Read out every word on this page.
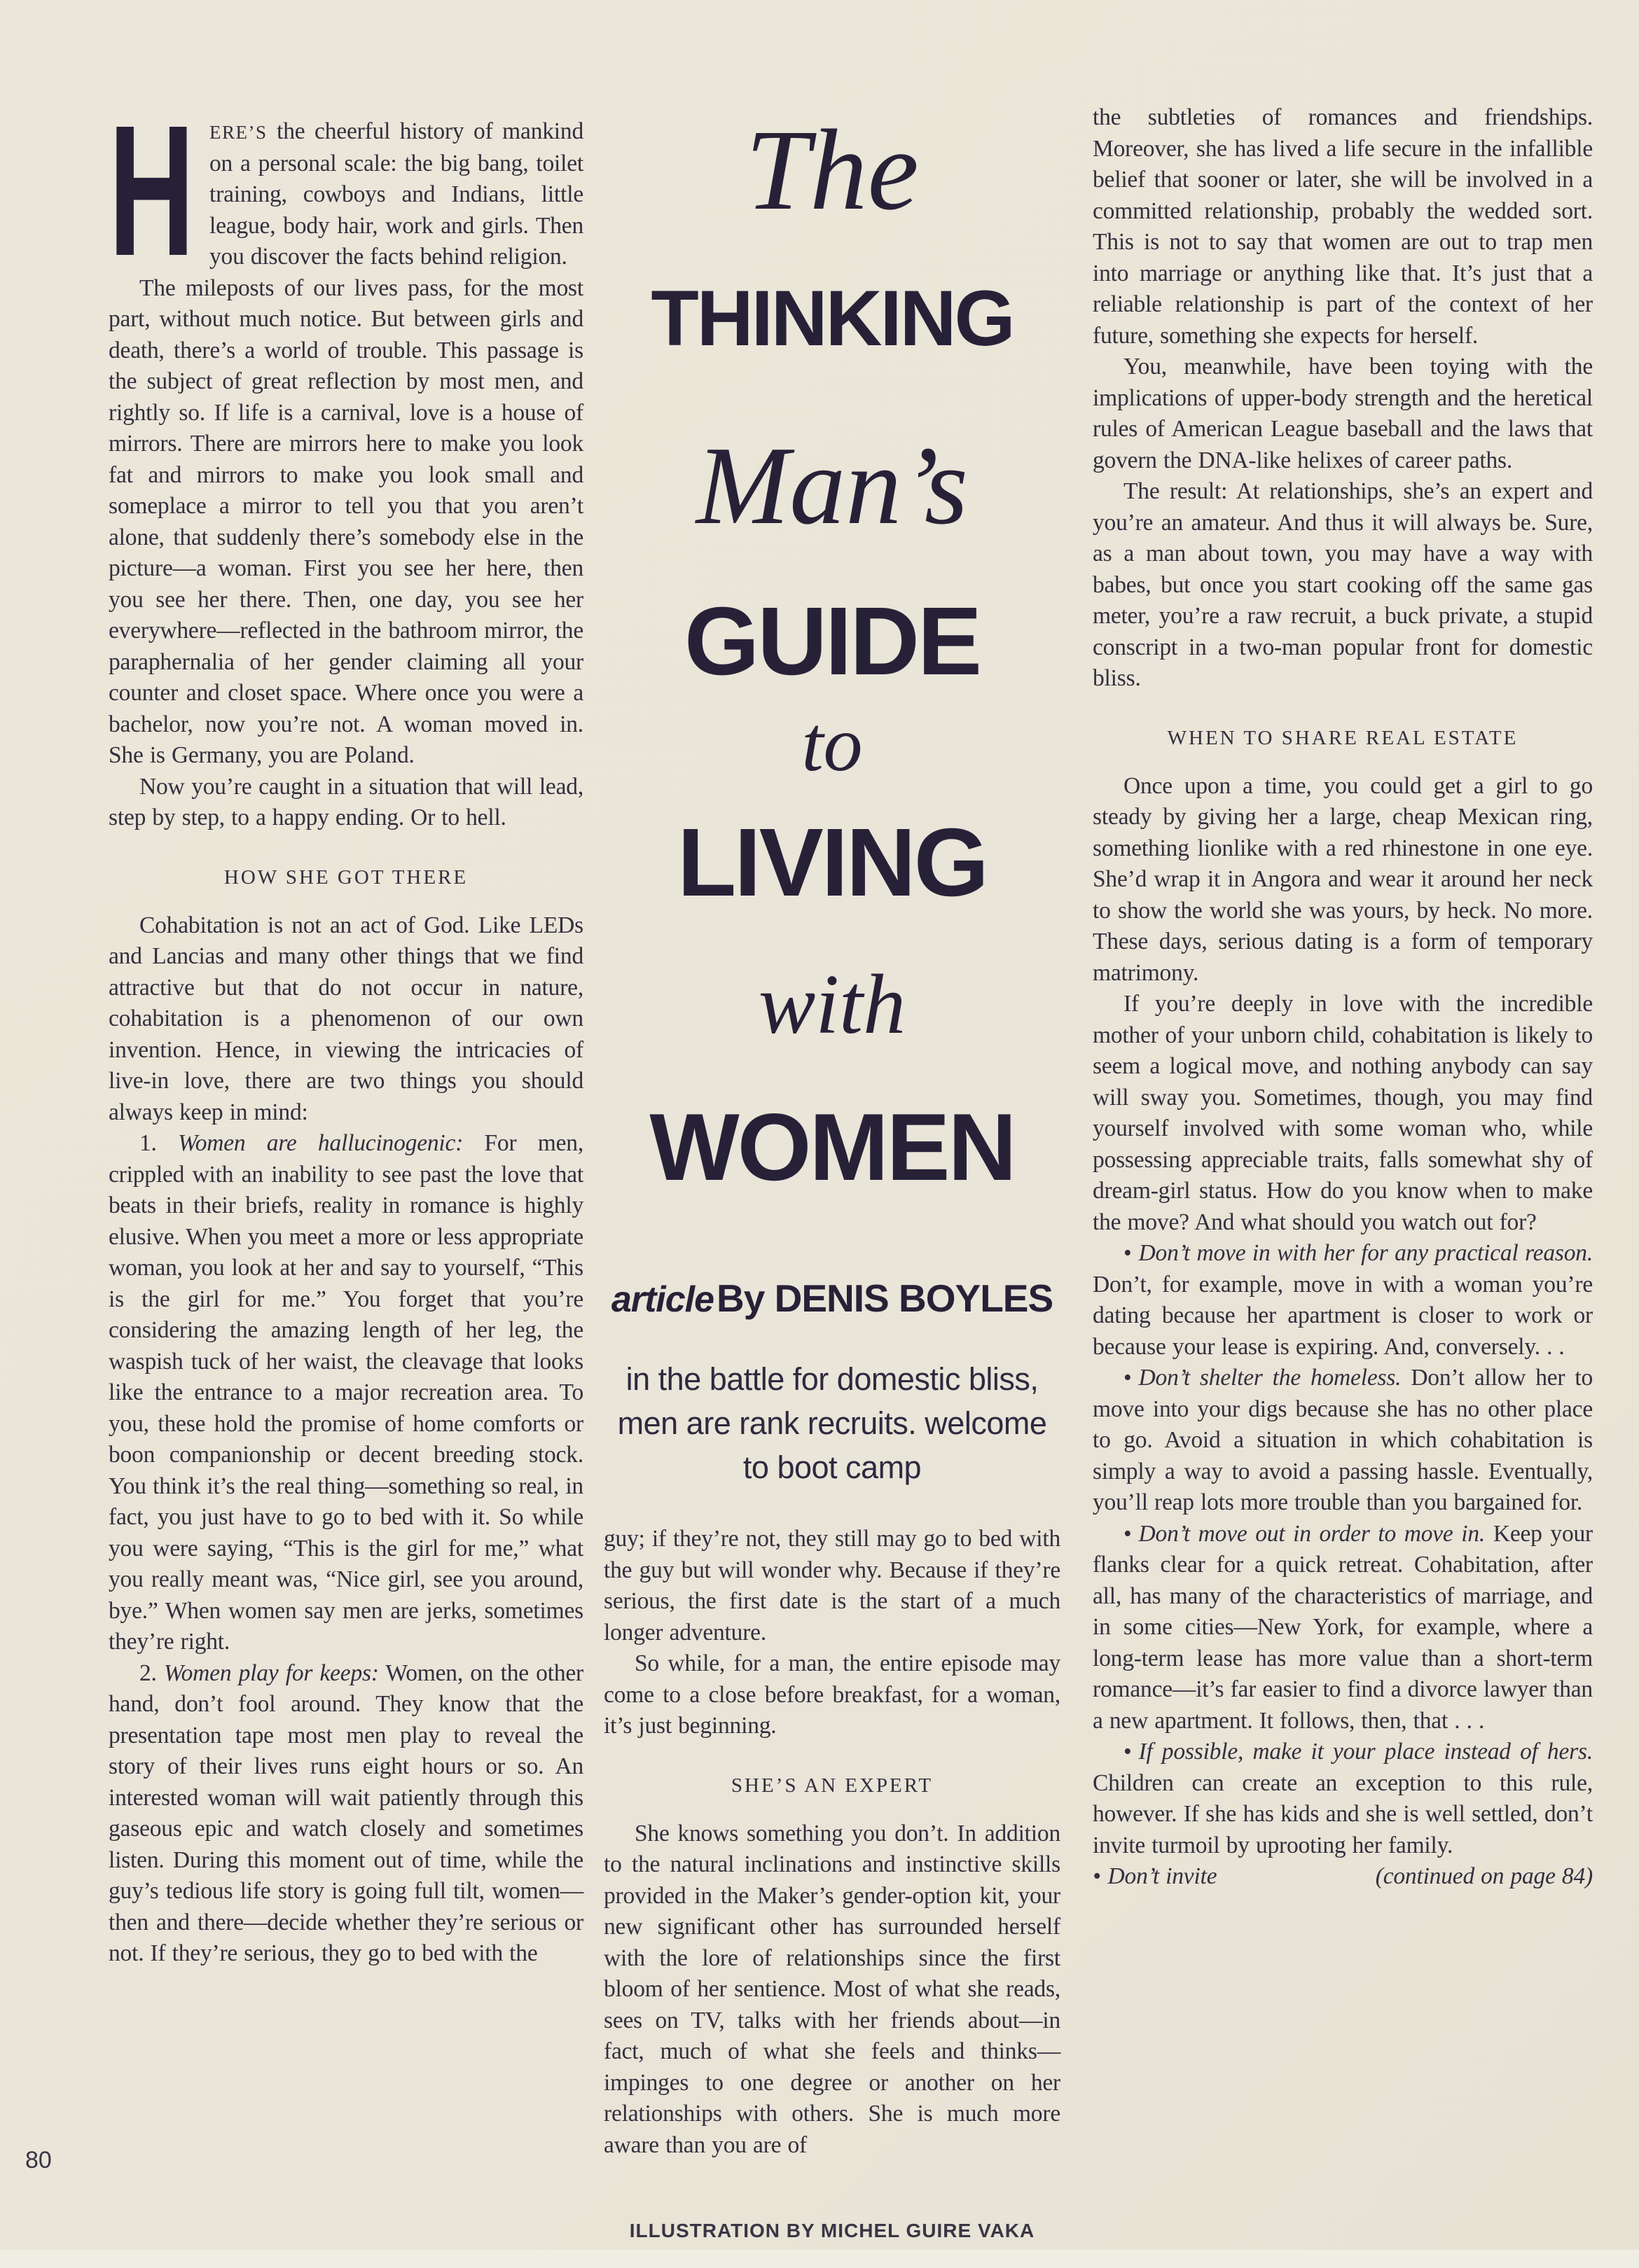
HERE’S the cheerful history of mankind on a personal scale: the big bang, toilet training, cowboys and Indians, little league, body hair, work and girls. Then you discover the facts behind religion.

The mileposts of our lives pass, for the most part, without much notice. But between girls and death, there’s a world of trouble. This passage is the subject of great reflection by most men, and rightly so. If life is a carnival, love is a house of mirrors. There are mirrors here to make you look fat and mirrors to make you look small and someplace a mirror to tell you that you aren’t alone, that suddenly there’s somebody else in the picture—a woman. First you see her here, then you see her there. Then, one day, you see her everywhere—reflected in the bathroom mirror, the paraphernalia of her gender claiming all your counter and closet space. Where once you were a bachelor, now you’re not. A woman moved in. She is Germany, you are Poland.

Now you’re caught in a situation that will lead, step by step, to a happy ending. Or to hell.

HOW SHE GOT THERE

Cohabitation is not an act of God. Like LEDs and Lancias and many other things that we find attractive but that do not occur in nature, cohabitation is a phenomenon of our own invention. Hence, in viewing the intricacies of live-in love, there are two things you should always keep in mind:

1. Women are hallucinogenic: For men, crippled with an inability to see past the love that beats in their briefs, reality in romance is highly elusive. When you meet a more or less appropriate woman, you look at her and say to yourself, “This is the girl for me.” You forget that you’re considering the amazing length of her leg, the waspish tuck of her waist, the cleavage that looks like the entrance to a major recreation area. To you, these hold the promise of home comforts or boon companionship or decent breeding stock. You think it’s the real thing—something so real, in fact, you just have to go to bed with it. So while you were saying, “This is the girl for me,” what you really meant was, “Nice girl, see you around, bye.” When women say men are jerks, sometimes they’re right.

2. Women play for keeps: Women, on the other hand, don’t fool around. They know that the presentation tape most men play to reveal the story of their lives runs eight hours or so. An interested woman will wait patiently through this gaseous epic and watch closely and sometimes listen. During this moment out of time, while the guy’s tedious life story is going full tilt, women—then and there—decide whether they’re serious or not. If they’re serious, they go to bed with the

The
THINKING
Man’s
GUIDE
to
LIVING
with
WOMEN
article By DENIS BOYLES
in the battle for domestic bliss, men are rank recruits. welcome to boot camp

guy; if they’re not, they still may go to bed with the guy but will wonder why. Because if they’re serious, the first date is the start of a much longer adventure.

So while, for a man, the entire episode may come to a close before breakfast, for a woman, it’s just beginning.

SHE’S AN EXPERT

She knows something you don’t. In addition to the natural inclinations and instinctive skills provided in the Maker’s gender-option kit, your new significant other has surrounded herself with the lore of relationships since the first bloom of her sentience. Most of what she reads, sees on TV, talks with her friends about—in fact, much of what she feels and thinks—impinges to one degree or another on her relationships with others. She is much more aware than you are of

the subtleties of romances and friendships. Moreover, she has lived a life secure in the infallible belief that sooner or later, she will be involved in a committed relationship, probably the wedded sort. This is not to say that women are out to trap men into marriage or anything like that. It’s just that a reliable relationship is part of the context of her future, something she expects for herself.

You, meanwhile, have been toying with the implications of upper-body strength and the heretical rules of American League baseball and the laws that govern the DNA-like helixes of career paths.

The result: At relationships, she’s an expert and you’re an amateur. And thus it will always be. Sure, as a man about town, you may have a way with babes, but once you start cooking off the same gas meter, you’re a raw recruit, a buck private, a stupid conscript in a two-man popular front for domestic bliss.

WHEN TO SHARE REAL ESTATE

Once upon a time, you could get a girl to go steady by giving her a large, cheap Mexican ring, something lionlike with a red rhinestone in one eye. She’d wrap it in Angora and wear it around her neck to show the world she was yours, by heck. No more. These days, serious dating is a form of temporary matrimony.

If you’re deeply in love with the incredible mother of your unborn child, cohabitation is likely to seem a logical move, and nothing anybody can say will sway you. Sometimes, though, you may find yourself involved with some woman who, while possessing appreciable traits, falls somewhat shy of dream-girl status. How do you know when to make the move? And what should you watch out for?

• Don’t move in with her for any practical reason. Don’t, for example, move in with a woman you’re dating because her apartment is closer to work or because your lease is expiring. And, conversely. . .

• Don’t shelter the homeless. Don’t allow her to move into your digs because she has no other place to go. Avoid a situation in which cohabitation is simply a way to avoid a passing hassle. Eventually, you’ll reap lots more trouble than you bargained for.

• Don’t move out in order to move in. Keep your flanks clear for a quick retreat. Cohabitation, after all, has many of the characteristics of marriage, and in some cities—New York, for example, where a long-term lease has more value than a short-term romance—it’s far easier to find a divorce lawyer than a new apartment. It follows, then, that . . .

• If possible, make it your place instead of hers. Children can create an exception to this rule, however. If she has kids and she is well settled, don’t invite turmoil by uprooting her family.

• Don’t invite	(continued on page 84)

80
ILLUSTRATION BY MICHEL GUIRE VAKA
